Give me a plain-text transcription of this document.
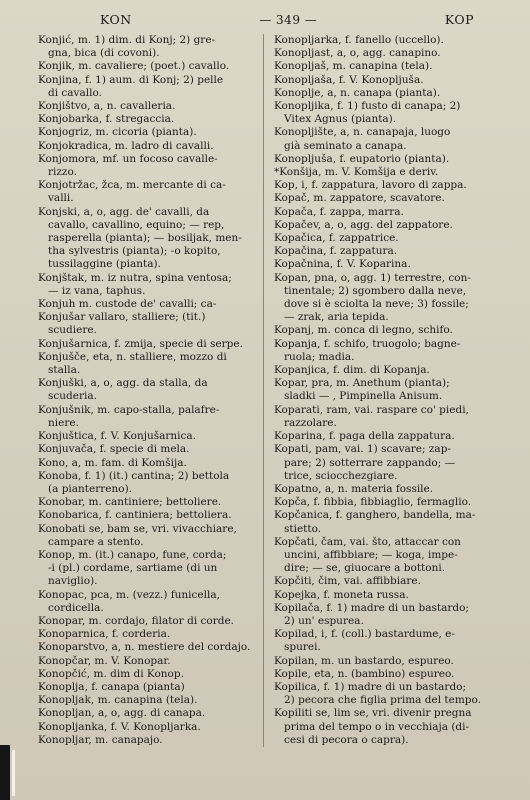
KON	— 349 —	KOP
Konjić, m. 1) dim. di Konj; 2) gre-
gna, bica (di covoni).
Konjik, m. cavaliere; (poet.) cavallo.
Konjina, f. 1) aum. di Konj; 2) pelle
di cavallo.
Konjištvo, a, n. cavalleria.
Konjobarka, f. stregaccia.
Konjogriz, m. cicoria (pianta).
Konjokradica, m. ladro di cavalli.
Konjomora, mf. un focoso cavalle-
rizzo.
Konjotržac, žca, m. mercante di ca-
valli.
Konjski, a, o, agg. de' cavalli, da
cavallo, cavallino, equino; — rep,
rasperella (pianta); — bosiljak, men-
tha sylvestris (pianta); -o kopito,
tussilaggine (pianta).
Konjštak, m. iz nutra, spina ventosa;
— iz vana, taphus.
Konjuh m. custode de' cavalli; ca-
Konjušar vallaro, stalliere; (tit.)
scudiere.
Konjušarnica, f. zmija, specie di serpe.
Konjušče, eta, n. stalliere, mozzo di
stalla.
Konjuški, a, o, agg. da stalla, da
scuderia.
Konjušnik, m. capo-stalla, palafre-
niere.
Konjuštica, f. V. Konjušarnica.
Konjuvača, f. specie di mela.
Kono, a, m. fam. di Komšija.
Konoba, f. 1) (it.) cantina; 2) bettola
(a pianterreno).
Konobar, m. cantiniere; bettoliere.
Konobarica, f. cantiniera; bettoliera.
Konobati se, bam se, vri. vivacchiare,
campare a stento.
Konop, m. (it.) canapo, fune, corda;
-i (pl.) cordame, sartiame (di un
naviglio).
Konopac, pca, m. (vezz.) funicella,
cordicella.
Konopar, m. cordajo, filator di corde.
Konoparnica, f. corderia.
Konoparstvo, a, n. mestiere del cordajo.
Konopčar, m. V. Konopar.
Konopčić, m. dim di Konop.
Konoplja, f. canapa (pianta)
Konopljak, m. canapina (tela).
Konopljan, a, o, agg. di canapa.
Konopljanka, f. V. Konopljarka.
Konopljar, m. canapajo.
Konopljarka, f. fanello (uccello).
Konopljast, a, o, agg. canapino.
Konopljaš, m. canapina (tela).
Konopljaša, f. V. Konopljuša.
Konoplje, a, n. canapa (pianta).
Konopljika, f. 1) fusto di canapa; 2)
Vitex Agnus (pianta).
Konopljište, a, n. canapaja, luogo
già seminato a canapa.
Konopljuša, f. eupatorio (pianta).
*Konšija, m. V. Komšija e deriv.
Kop, i, f. zappatura, lavoro di zappa.
Kopač, m. zappatore, scavatore.
Kopača, f. zappa, marra.
Kopačev, a, o, agg. del zappatore.
Kopačica, f. zappatrice.
Kopačina, f. zappatura.
Kopačnina, f. V. Koparina.
Kopan, pna, o, agg. 1) terrestre, con-
tinentale; 2) sgombero dalla neve,
dove si è sciolta la neve; 3) fossile;
— zrak, aria tepida.
Kopanj, m. conca di legno, schifo.
Kopanja, f. schifo, truogolo; bagne-
ruola; madia.
Kopanjica, f. dim. di Kopanja.
Kopar, pra, m. Anethum (pianta);
sladki — , Pimpinella Anisum.
Koparati, ram, vai. raspare co' piedi,
razzolare.
Koparina, f. paga della zappatura.
Kopati, pam, vai. 1) scavare; zap-
pare; 2) sotterrare zappando; —
trice, sciocchezgiare.
Kopatno, a, n. materia fossile.
Kopča, f. fibbia, fibbiaglio, fermaglio.
Kopčanica, f. ganghero, bandella, ma-
stietto.
Kopčati, čam, vai. što, attaccar con
uncini, affibbiare; — koga, impe-
dire; — se, giuocare a bottoni.
Kopčiti, čim, vai. affibbiare.
Kopejka, f. moneta russa.
Kopilača, f. 1) madre di un bastardo;
2) un' espurea.
Kopilad, i, f. (coll.) bastardume, e-
spurei.
Kopilan, m. un bastardo, espureo.
Kopile, eta, n. (bambino) espureo.
Kopilica, f. 1) madre di un bastardo;
2) pecora che figlia prima del tempo.
Kopiliti se, lim se, vri. divenir pregna
prima del tempo o in vecchiaja (di-
cesi di pecora o capra).
